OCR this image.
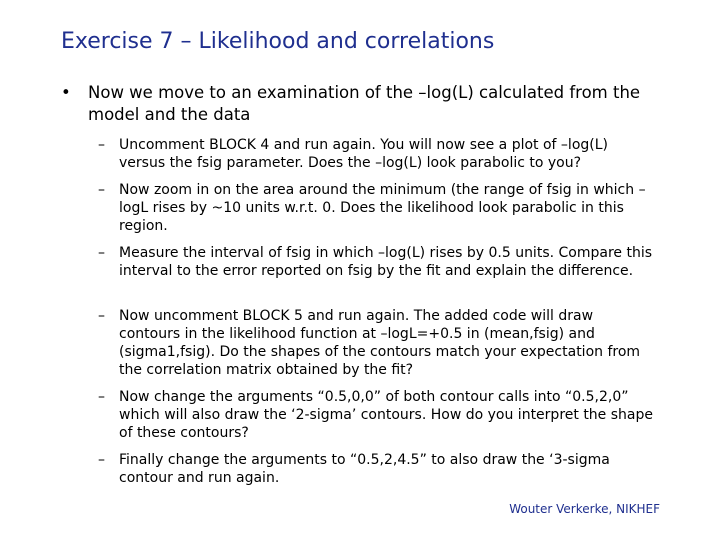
Exercise 7 – Likelihood and correlations
•	Now we move to an examination of the –log(L) calculated from the model and the data
–	Uncomment BLOCK 4 and run again. You will now see a plot of –log(L) versus the fsig parameter. Does the –log(L) look parabolic to you?
–	Now zoom in on the area around the minimum (the range of fsig in which –logL rises by ~10 units w.r.t. 0. Does the likelihood look parabolic in this region.
–	Measure the interval of fsig in which –log(L) rises by 0.5 units. Compare this interval to the error reported on fsig by the fit and explain the difference.
–	Now uncomment BLOCK 5 and run again. The added code will draw contours in the likelihood function at –logL=+0.5 in (mean,fsig) and (sigma1,fsig). Do the shapes of the contours match your expectation from the correlation matrix obtained by the fit?
–	Now change the arguments “0.5,0,0” of both contour calls into “0.5,2,0” which will also draw the ‘2-sigma’ contours. How do you interpret the shape of these contours?
–	Finally change the arguments to “0.5,2,4.5” to also draw the ‘3-sigma contour and run again.
Wouter Verkerke, NIKHEF
